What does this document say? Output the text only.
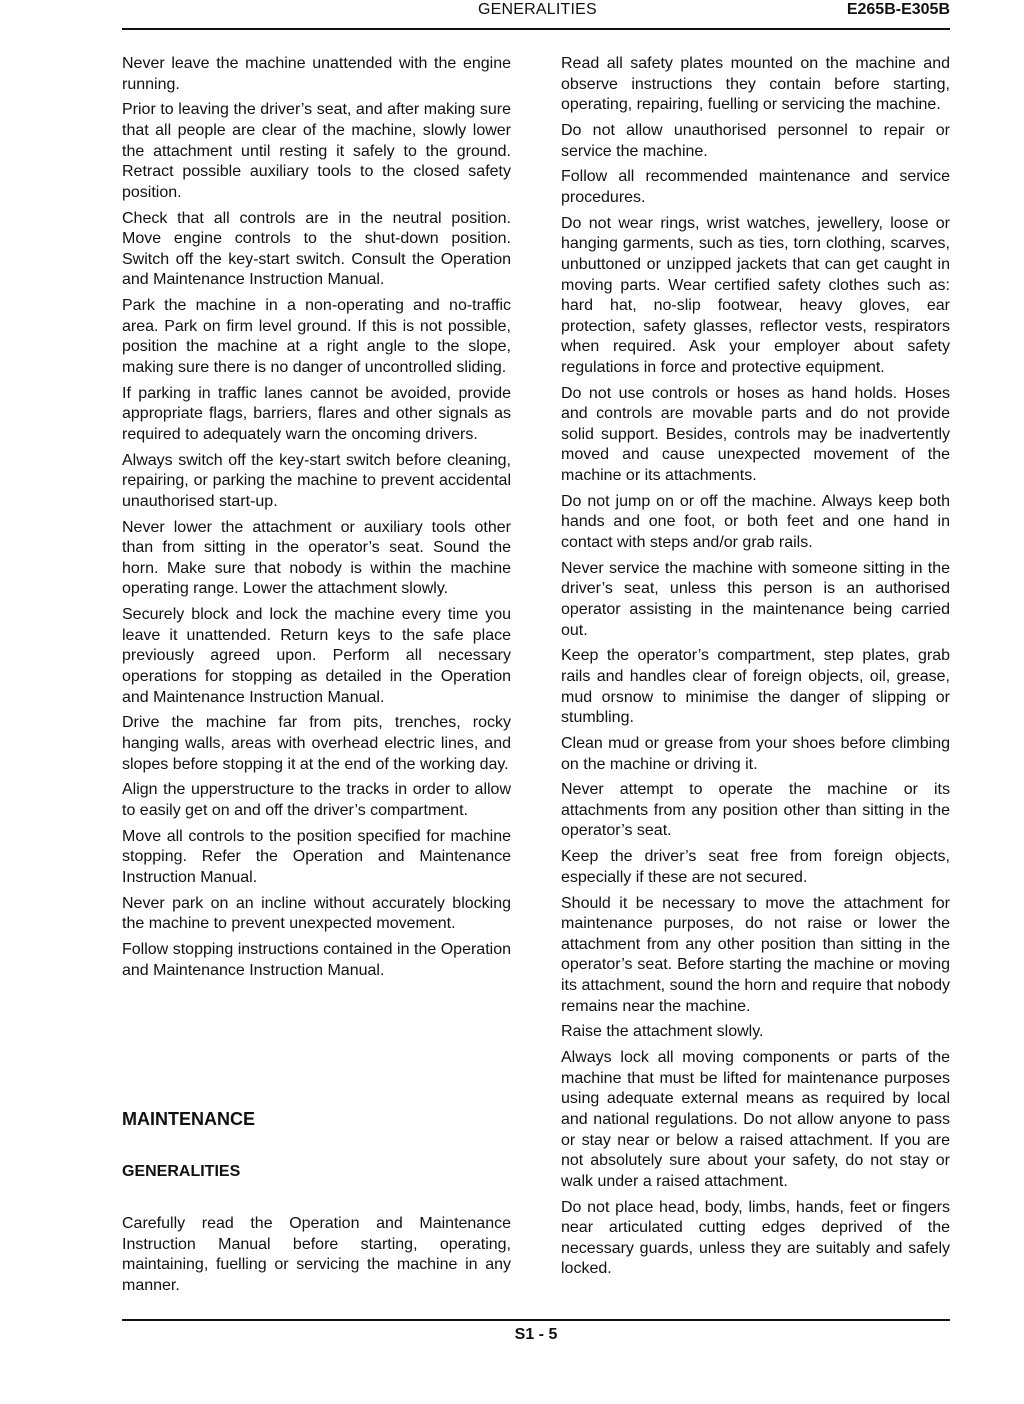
GENERALITIES	E265B-E305B

Never leave the machine unattended with the engine running.

Prior to leaving the driver’s seat, and after making sure that all people are clear of the machine, slowly lower the attachment until resting it safely to the ground. Retract possible auxiliary tools to the closed safety position.

Check that all controls are in the neutral position. Move engine controls to the shut-down position. Switch off the key-start switch. Consult the Operation and Maintenance Instruction Manual.

Park the machine in a non-operating and no-traffic area. Park on firm level ground. If this is not possible, position the machine at a right angle to the slope, making sure there is no danger of uncontrolled sliding.

If parking in traffic lanes cannot be avoided, provide appropriate flags, barriers, flares and other signals as required to adequately warn the oncoming drivers.

Always switch off the key-start switch before cleaning, repairing, or parking the machine to prevent accidental unauthorised start-up.

Never lower the attachment or auxiliary tools other than from sitting in the operator’s seat. Sound the horn. Make sure that nobody is within the machine operating range. Lower the attachment slowly.

Securely block and lock the machine every time you leave it unattended. Return keys to the safe place previously agreed upon. Perform all necessary operations for stopping as detailed in the Operation and Maintenance Instruction Manual.

Drive the machine far from pits, trenches, rocky hanging walls, areas with overhead electric lines, and slopes before stopping it at the end of the working day.

Align the upperstructure to the tracks in order to allow to easily get on and off the driver’s compartment.

Move all controls to the position specified for machine stopping. Refer the Operation and Maintenance Instruction Manual.

Never park on an incline without accurately blocking the machine to prevent unexpected movement.

Follow stopping instructions contained in the Operation and Maintenance Instruction Manual.

MAINTENANCE
GENERALITIES

Carefully read the Operation and Maintenance Instruction Manual before starting, operating, maintaining, fuelling or servicing the machine in any manner.

Read all safety plates mounted on the machine and observe instructions they contain before starting, operating, repairing, fuelling or servicing the machine.

Do not allow unauthorised personnel to repair or service the machine.

Follow all recommended maintenance and service procedures.

Do not wear rings, wrist watches, jewellery, loose or hanging garments, such as ties, torn clothing, scarves, unbuttoned or unzipped jackets that can get caught in moving parts. Wear certified safety clothes such as: hard hat, no-slip footwear, heavy gloves, ear protection, safety glasses, reflector vests, respirators when required. Ask your employer about safety regulations in force and protective equipment.

Do not use controls or hoses as hand holds. Hoses and controls are movable parts and do not provide solid support. Besides, controls may be inadvertently moved and cause unexpected movement of the machine or its attachments.

Do not jump on or off the machine. Always keep both hands and one foot, or both feet and one hand in contact with steps and/or grab rails.

Never service the machine with someone sitting in the driver’s seat, unless this person is an authorised operator assisting in the maintenance being carried out.

Keep the operator’s compartment, step plates, grab rails and handles clear of foreign objects, oil, grease, mud orsnow to minimise the danger of slipping or stumbling.

Clean mud or grease from your shoes before climbing on the machine or driving it.

Never attempt to operate the machine or its attachments from any position other than sitting in the operator’s seat.

Keep the driver’s seat free from foreign objects, especially if these are not secured.

Should it be necessary to move the attachment for maintenance purposes, do not raise or lower the attachment from any other position than sitting in the operator’s seat. Before starting the machine or moving its attachment, sound the horn and require that nobody remains near the machine.

Raise the attachment slowly.

Always lock all moving components or parts of the machine that must be lifted for maintenance purposes using adequate external means as required by local and national regulations. Do not allow anyone to pass or stay near or below a raised attachment. If you are not absolutely sure about your safety, do not stay or walk under a raised attachment.

Do not place head, body, limbs, hands, feet or fingers near articulated cutting edges deprived of the necessary guards, unless they are suitably and safely locked.

S1 - 5
